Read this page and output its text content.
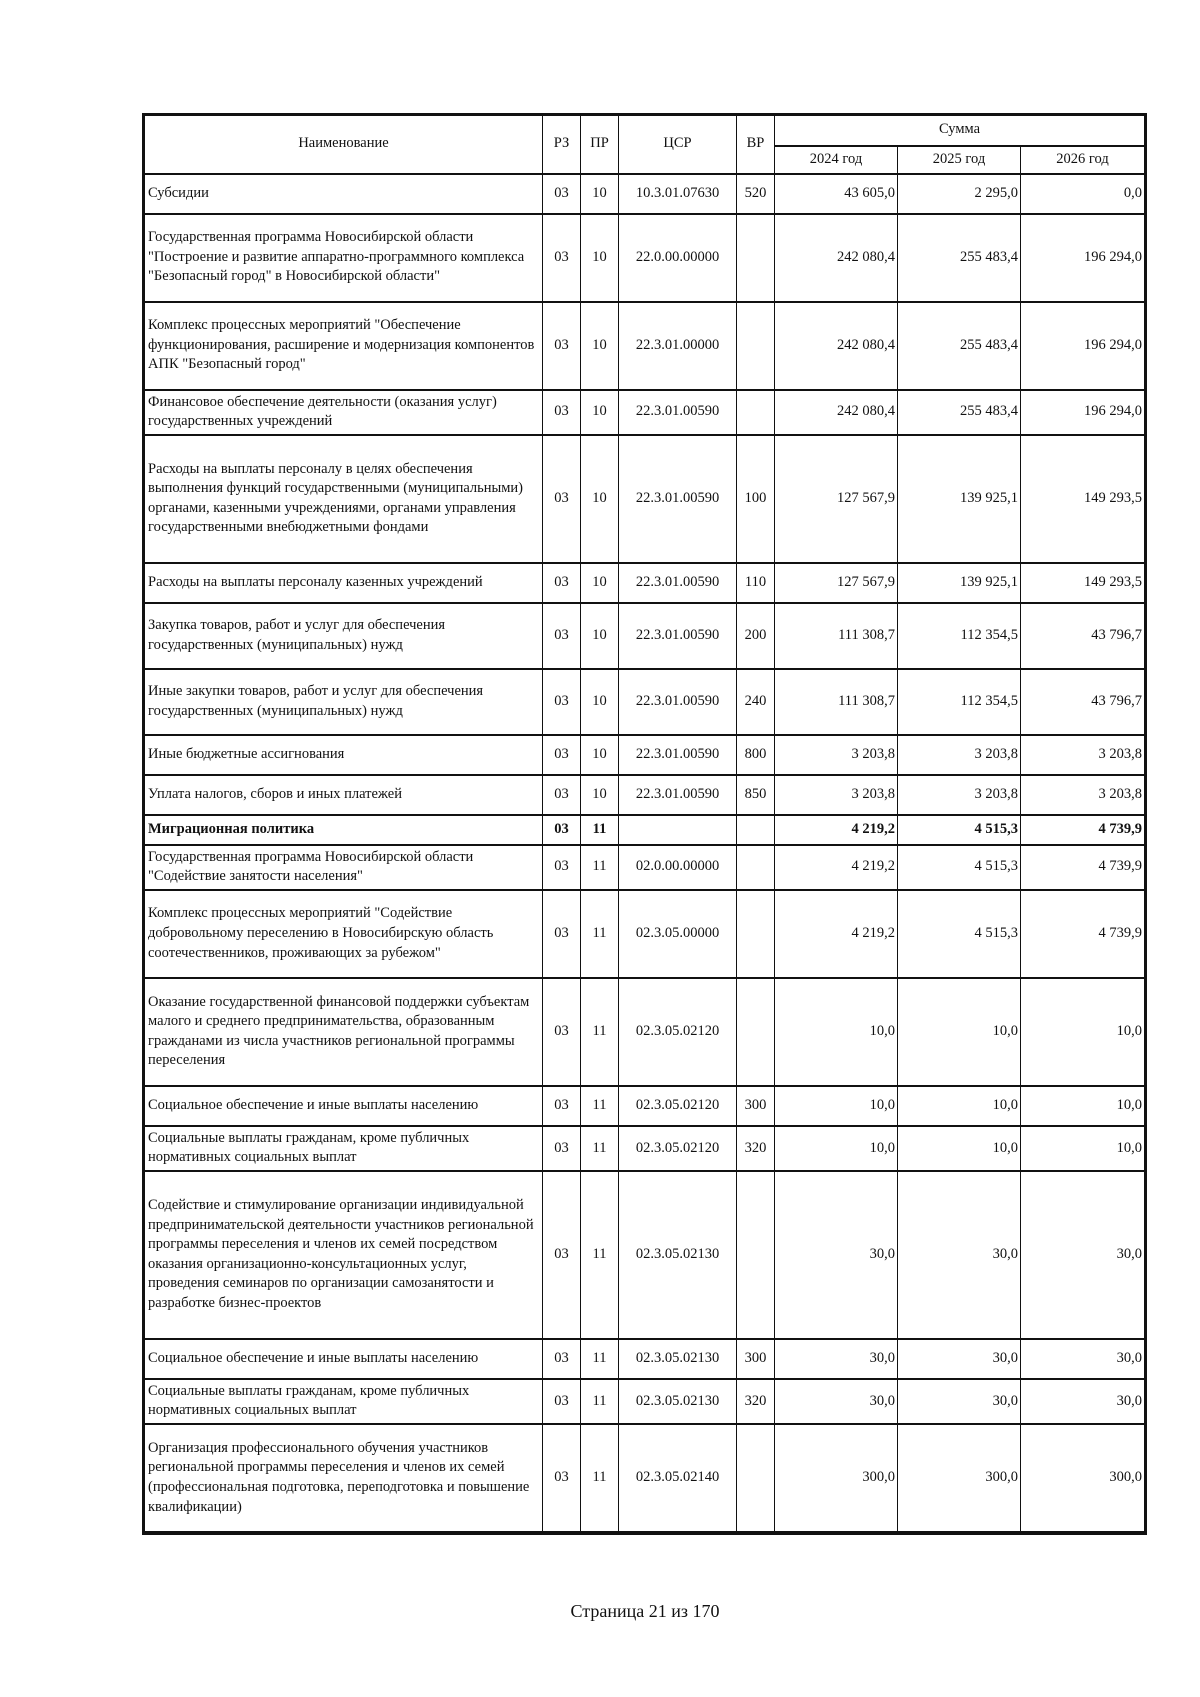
Наименование	РЗ	ПР	ЦСР	ВР	Сумма		
					2024 год	2025 год	2026 год
Субсидии	03	10	10.3.01.07630	520	43 605,0	2 295,0	0,0
Государственная программа Новосибирской области "Построение и развитие аппаратно-программного комплекса "Безопасный город" в Новосибирской области"	03	10	22.0.00.00000		242 080,4	255 483,4	196 294,0
Комплекс процессных мероприятий "Обеспечение функционирования, расширение и модернизация компонентов АПК "Безопасный город"	03	10	22.3.01.00000		242 080,4	255 483,4	196 294,0
Финансовое обеспечение деятельности (оказания услуг) государственных учреждений	03	10	22.3.01.00590		242 080,4	255 483,4	196 294,0
Расходы на выплаты персоналу в целях обеспечения выполнения функций государственными (муниципальными) органами, казенными учреждениями, органами управления государственными внебюджетными фондами	03	10	22.3.01.00590	100	127 567,9	139 925,1	149 293,5
Расходы на выплаты персоналу казенных учреждений	03	10	22.3.01.00590	110	127 567,9	139 925,1	149 293,5
Закупка товаров, работ и услуг для обеспечения государственных (муниципальных) нужд	03	10	22.3.01.00590	200	111 308,7	112 354,5	43 796,7
Иные закупки товаров, работ и услуг для обеспечения государственных (муниципальных) нужд	03	10	22.3.01.00590	240	111 308,7	112 354,5	43 796,7
Иные бюджетные ассигнования	03	10	22.3.01.00590	800	3 203,8	3 203,8	3 203,8
Уплата налогов, сборов и иных платежей	03	10	22.3.01.00590	850	3 203,8	3 203,8	3 203,8
Миграционная политика	03	11			4 219,2	4 515,3	4 739,9
Государственная программа Новосибирской области "Содействие занятости населения"	03	11	02.0.00.00000		4 219,2	4 515,3	4 739,9
Комплекс процессных мероприятий "Содействие добровольному переселению в Новосибирскую область соотечественников, проживающих за рубежом"	03	11	02.3.05.00000		4 219,2	4 515,3	4 739,9
Оказание государственной финансовой поддержки субъектам малого и среднего предпринимательства, образованным гражданами из числа участников региональной программы переселения	03	11	02.3.05.02120		10,0	10,0	10,0
Социальное обеспечение и иные выплаты населению	03	11	02.3.05.02120	300	10,0	10,0	10,0
Социальные выплаты гражданам, кроме публичных нормативных социальных выплат	03	11	02.3.05.02120	320	10,0	10,0	10,0
Содействие и стимулирование организации индивидуальной предпринимательской деятельности участников региональной программы переселения и членов их семей посредством оказания организационно-консультационных услуг, проведения семинаров по организации самозанятости и разработке бизнес-проектов	03	11	02.3.05.02130		30,0	30,0	30,0
Социальное обеспечение и иные выплаты населению	03	11	02.3.05.02130	300	30,0	30,0	30,0
Социальные выплаты гражданам, кроме публичных нормативных социальных выплат	03	11	02.3.05.02130	320	30,0	30,0	30,0
Организация профессионального обучения участников региональной программы переселения и членов их семей (профессиональная подготовка, переподготовка и повышение квалификации)	03	11	02.3.05.02140		300,0	300,0	300,0
Страница 21 из 170
